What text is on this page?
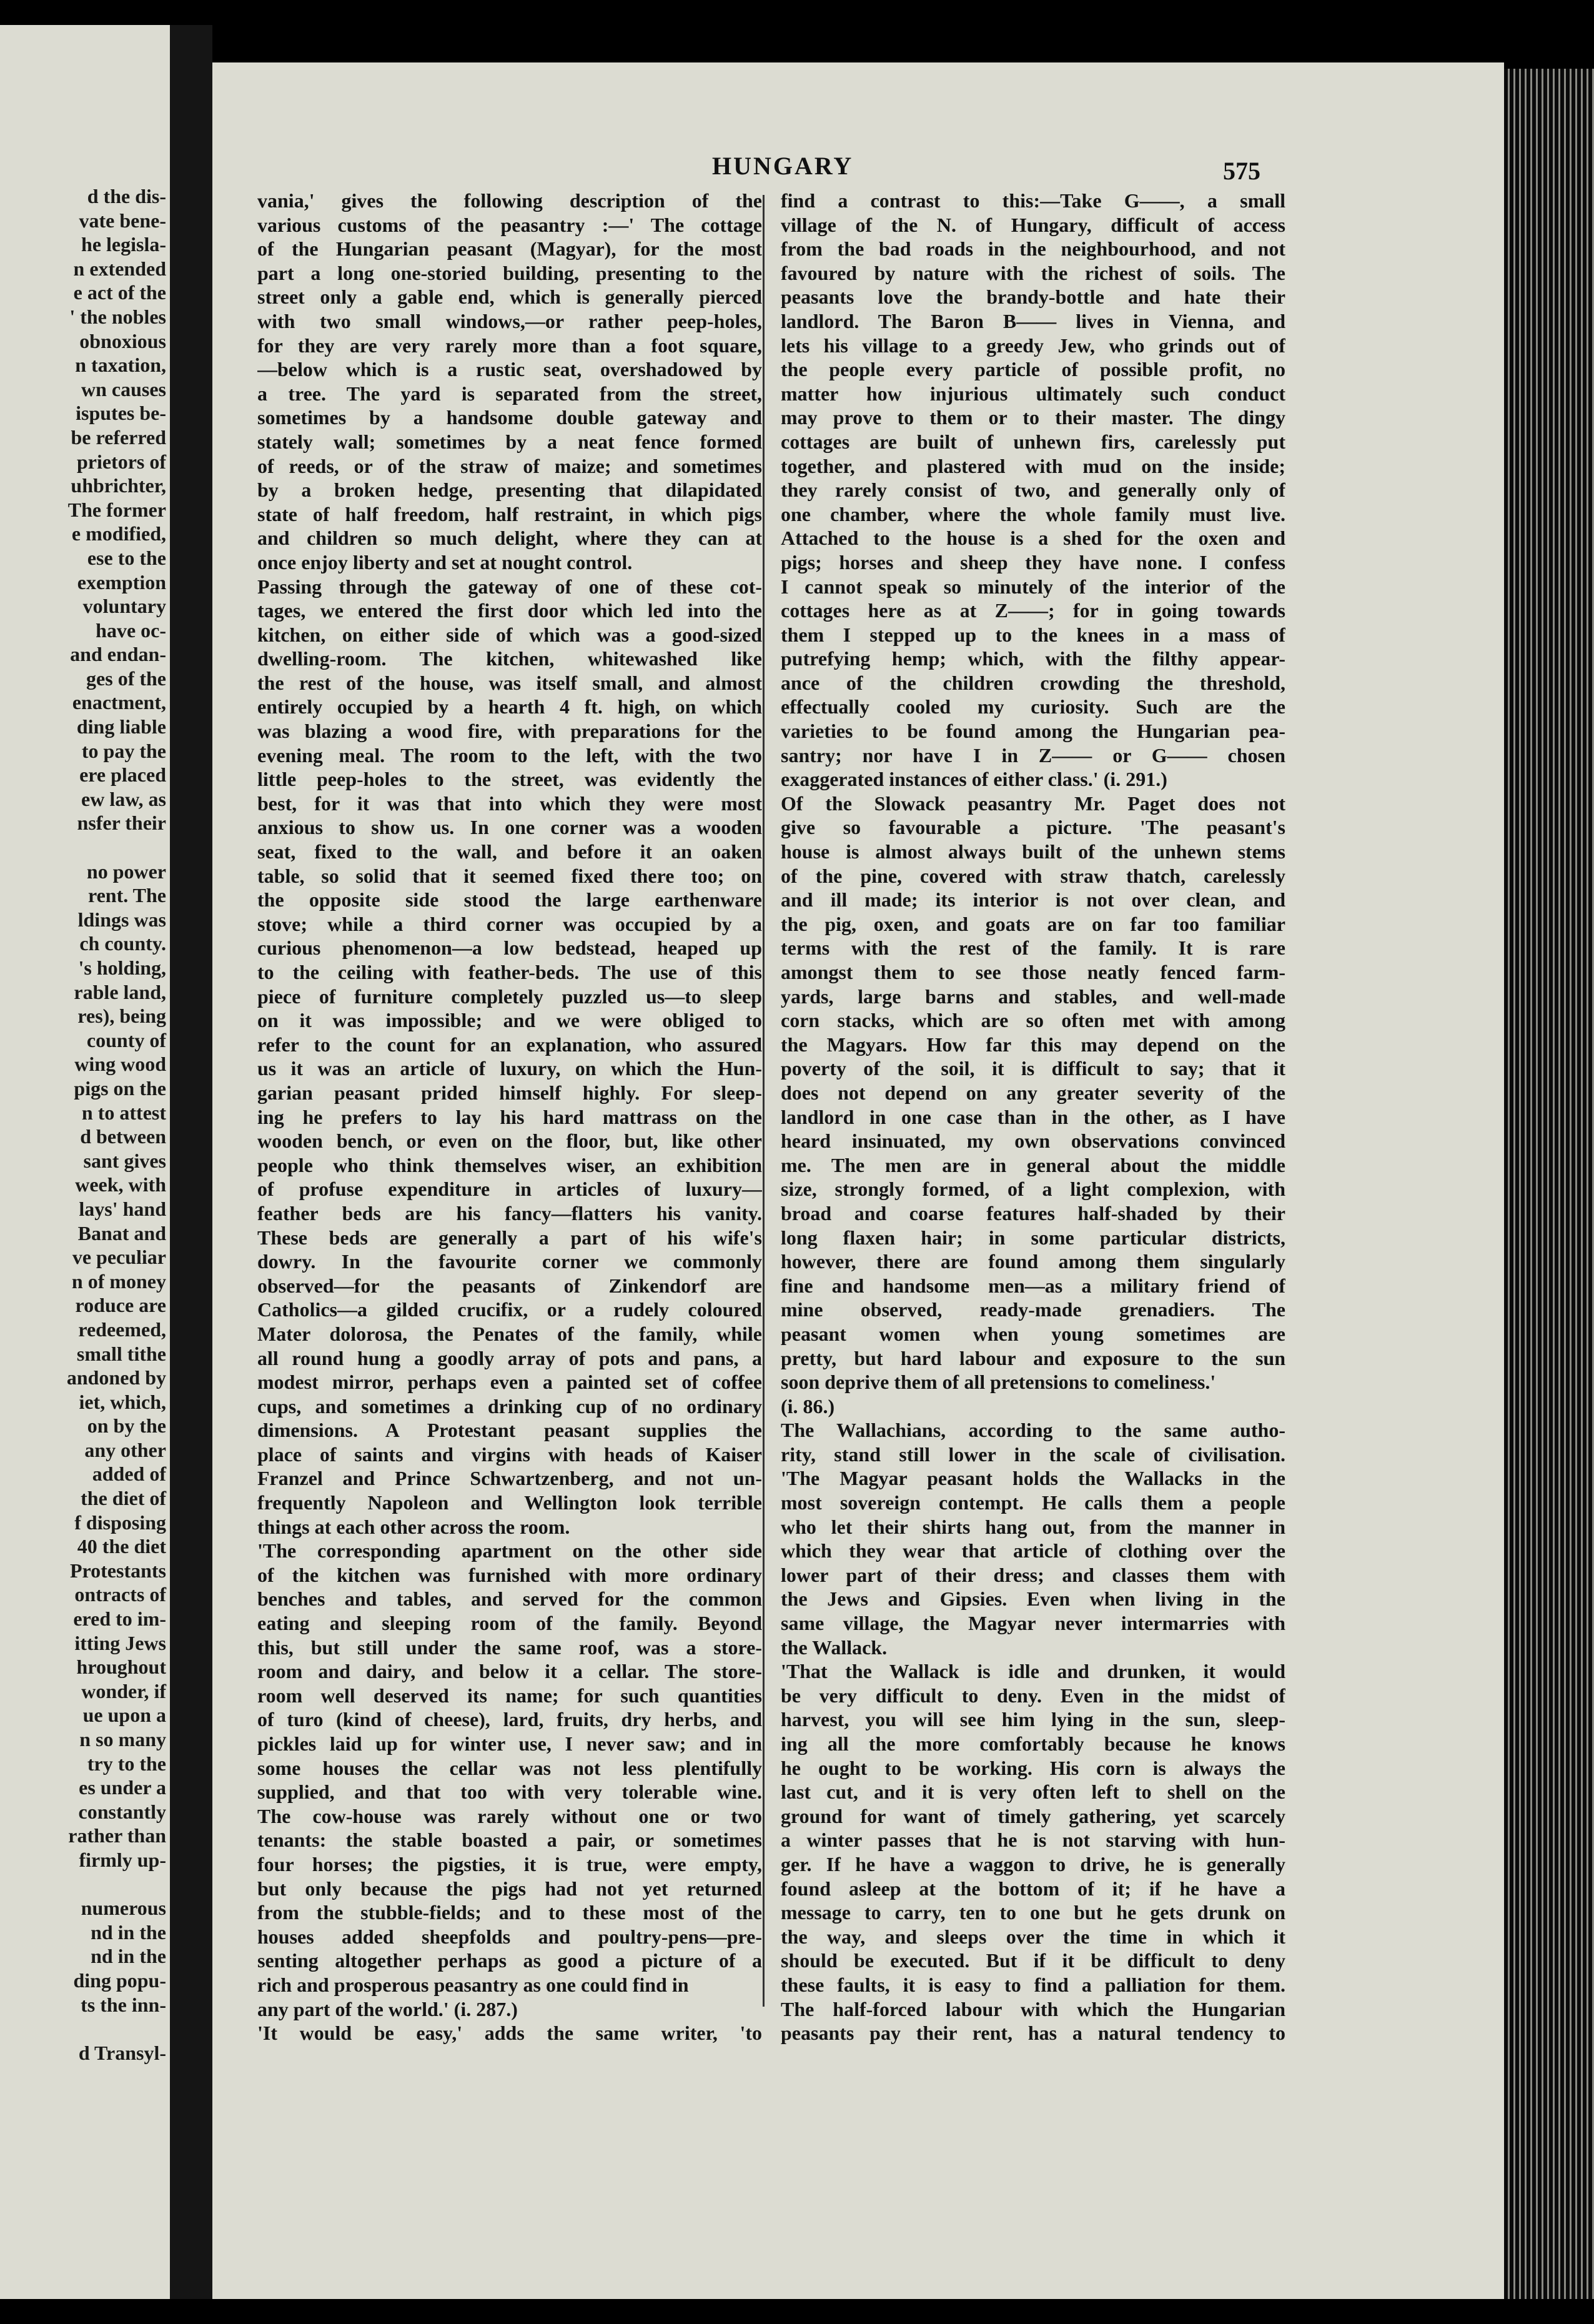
d the dis-
vate bene-
he legisla-
n extended
e act of the
' the nobles
obnoxious
n taxation,
wn causes
isputes be-
be referred
prietors of
uhbrichter,
The former
e modified,
ese to the
exemption
voluntary
have oc-
and endan-
ges of the
enactment,
ding liable
to pay the
ere placed
ew law, as
nsfer their
no power
rent. The
ldings was
ch county.
's holding,
rable land,
res), being
county of
wing wood
pigs on the
n to attest
d between
sant gives
week, with
lays' hand
Banat and
ve peculiar
n of money
roduce are
redeemed,
small tithe
andoned by
iet, which,
on by the
any other
added of
the diet of
f disposing
40 the diet
Protestants
ontracts of
ered to im-
itting Jews
hroughout
wonder, if
ue upon a
n so many
try to the
es under a
constantly
rather than
firmly up-
numerous
nd in the
nd in the
ding popu-
ts the inn-
d Transyl-
HUNGARY	575
vania,' gives the following description of the
various customs of the peasantry :—' The cottage
of the Hungarian peasant (Magyar), for the most
part a long one-storied building, presenting to the
street only a gable end, which is generally pierced
with two small windows,—or rather peep-holes,
for they are very rarely more than a foot square,
—below which is a rustic seat, overshadowed by
a tree. The yard is separated from the street,
sometimes by a handsome double gateway and
stately wall; sometimes by a neat fence formed
of reeds, or of the straw of maize; and sometimes
by a broken hedge, presenting that dilapidated
state of half freedom, half restraint, in which pigs
and children so much delight, where they can at
once enjoy liberty and set at nought control.
Passing through the gateway of one of these cot-
tages, we entered the first door which led into the
kitchen, on either side of which was a good-sized
dwelling-room. The kitchen, whitewashed like
the rest of the house, was itself small, and almost
entirely occupied by a hearth 4 ft. high, on which
was blazing a wood fire, with preparations for the
evening meal. The room to the left, with the two
little peep-holes to the street, was evidently the
best, for it was that into which they were most
anxious to show us. In one corner was a wooden
seat, fixed to the wall, and before it an oaken
table, so solid that it seemed fixed there too; on
the opposite side stood the large earthenware
stove; while a third corner was occupied by a
curious phenomenon—a low bedstead, heaped up
to the ceiling with feather-beds. The use of this
piece of furniture completely puzzled us—to sleep
on it was impossible; and we were obliged to
refer to the count for an explanation, who assured
us it was an article of luxury, on which the Hun-
garian peasant prided himself highly. For sleep-
ing he prefers to lay his hard mattrass on the
wooden bench, or even on the floor, but, like other
people who think themselves wiser, an exhibition
of profuse expenditure in articles of luxury—
feather beds are his fancy—flatters his vanity.
These beds are generally a part of his wife's
dowry. In the favourite corner we commonly
observed—for the peasants of Zinkendorf are
Catholics—a gilded crucifix, or a rudely coloured
Mater dolorosa, the Penates of the family, while
all round hung a goodly array of pots and pans, a
modest mirror, perhaps even a painted set of coffee
cups, and sometimes a drinking cup of no ordinary
dimensions. A Protestant peasant supplies the
place of saints and virgins with heads of Kaiser
Franzel and Prince Schwartzenberg, and not un-
frequently Napoleon and Wellington look terrible
things at each other across the room.
'The corresponding apartment on the other side
of the kitchen was furnished with more ordinary
benches and tables, and served for the common
eating and sleeping room of the family. Beyond
this, but still under the same roof, was a store-
room and dairy, and below it a cellar. The store-
room well deserved its name; for such quantities
of turo (kind of cheese), lard, fruits, dry herbs, and
pickles laid up for winter use, I never saw; and in
some houses the cellar was not less plentifully
supplied, and that too with very tolerable wine.
The cow-house was rarely without one or two
tenants: the stable boasted a pair, or sometimes
four horses; the pigsties, it is true, were empty,
but only because the pigs had not yet returned
from the stubble-fields; and to these most of the
houses added sheepfolds and poultry-pens—pre-
senting altogether perhaps as good a picture of a
rich and prosperous peasantry as one could find in
any part of the world.' (i. 287.)
'It would be easy,' adds the same writer, 'to
find a contrast to this:—Take G——, a small
village of the N. of Hungary, difficult of access
from the bad roads in the neighbourhood, and not
favoured by nature with the richest of soils. The
peasants love the brandy-bottle and hate their
landlord. The Baron B—— lives in Vienna, and
lets his village to a greedy Jew, who grinds out of
the people every particle of possible profit, no
matter how injurious ultimately such conduct
may prove to them or to their master. The dingy
cottages are built of unhewn firs, carelessly put
together, and plastered with mud on the inside;
they rarely consist of two, and generally only of
one chamber, where the whole family must live.
Attached to the house is a shed for the oxen and
pigs; horses and sheep they have none. I confess
I cannot speak so minutely of the interior of the
cottages here as at Z——; for in going towards
them I stepped up to the knees in a mass of
putrefying hemp; which, with the filthy appear-
ance of the children crowding the threshold,
effectually cooled my curiosity. Such are the
varieties to be found among the Hungarian pea-
santry; nor have I in Z—— or G—— chosen
exaggerated instances of either class.' (i. 291.)
Of the Slowack peasantry Mr. Paget does not
give so favourable a picture. 'The peasant's
house is almost always built of the unhewn stems
of the pine, covered with straw thatch, carelessly
and ill made; its interior is not over clean, and
the pig, oxen, and goats are on far too familiar
terms with the rest of the family. It is rare
amongst them to see those neatly fenced farm-
yards, large barns and stables, and well-made
corn stacks, which are so often met with among
the Magyars. How far this may depend on the
poverty of the soil, it is difficult to say; that it
does not depend on any greater severity of the
landlord in one case than in the other, as I have
heard insinuated, my own observations convinced
me. The men are in general about the middle
size, strongly formed, of a light complexion, with
broad and coarse features half-shaded by their
long flaxen hair; in some particular districts,
however, there are found among them singularly
fine and handsome men—as a military friend of
mine observed, ready-made grenadiers. The
peasant women when young sometimes are
pretty, but hard labour and exposure to the sun
soon deprive them of all pretensions to comeliness.'
(i. 86.)
The Wallachians, according to the same autho-
rity, stand still lower in the scale of civilisation.
'The Magyar peasant holds the Wallacks in the
most sovereign contempt. He calls them a people
who let their shirts hang out, from the manner in
which they wear that article of clothing over the
lower part of their dress; and classes them with
the Jews and Gipsies. Even when living in the
same village, the Magyar never intermarries with
the Wallack.
'That the Wallack is idle and drunken, it would
be very difficult to deny. Even in the midst of
harvest, you will see him lying in the sun, sleep-
ing all the more comfortably because he knows
he ought to be working. His corn is always the
last cut, and it is very often left to shell on the
ground for want of timely gathering, yet scarcely
a winter passes that he is not starving with hun-
ger. If he have a waggon to drive, he is generally
found asleep at the bottom of it; if he have a
message to carry, ten to one but he gets drunk on
the way, and sleeps over the time in which it
should be executed. But if it be difficult to deny
these faults, it is easy to find a palliation for them.
The half-forced labour with which the Hungarian
peasants pay their rent, has a natural tendency to
